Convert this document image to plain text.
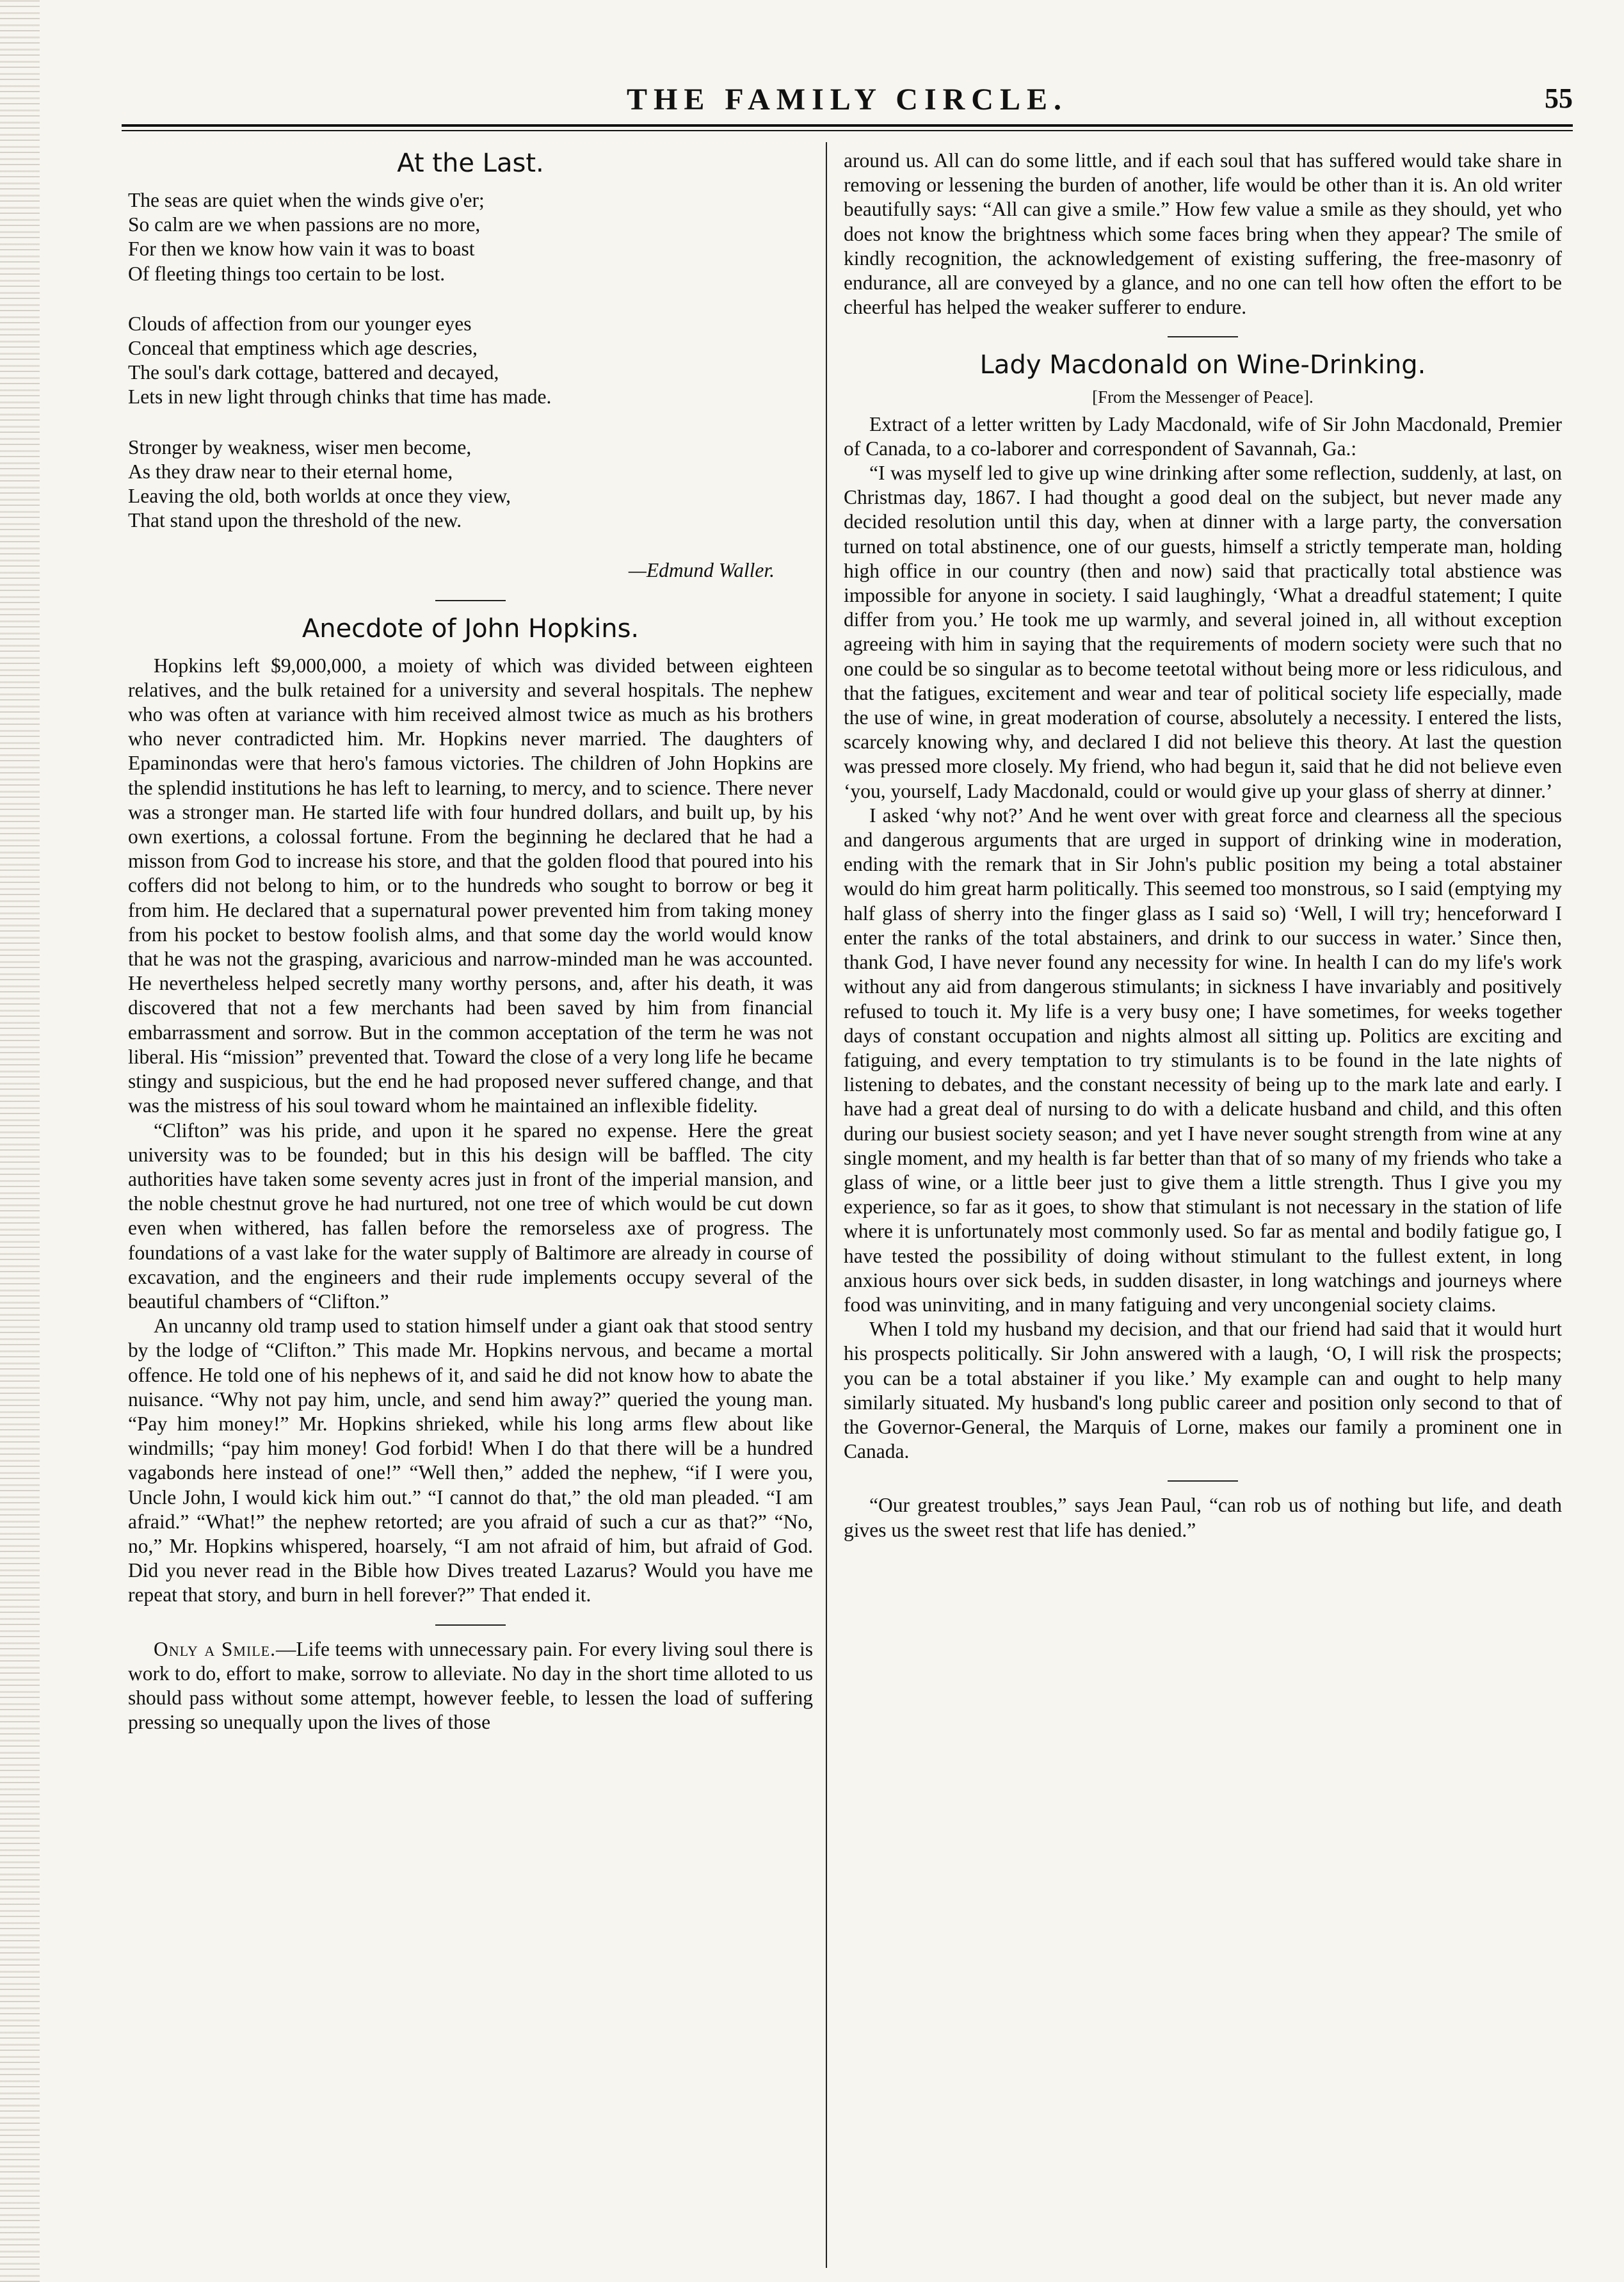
THE FAMILY CIRCLE.	55
At the Last.
The seas are quiet when the winds give o'er;
So calm are we when passions are no more,
For then we know how vain it was to boast
Of fleeting things too certain to be lost.
Clouds of affection from our younger eyes
Conceal that emptiness which age descries,
The soul's dark cottage, battered and decayed,
Lets in new light through chinks that time has made.
Stronger by weakness, wiser men become,
As they draw near to their eternal home,
Leaving the old, both worlds at once they view,
That stand upon the threshold of the new.
—Edmund Waller.
Anecdote of John Hopkins.

Hopkins left $9,000,000, a moiety of which was divided between eighteen relatives, and the bulk retained for a university and several hospitals. The nephew who was often at variance with him received almost twice as much as his brothers who never contradicted him. Mr. Hopkins never married. The daughters of Epaminondas were that hero's famous victories. The children of John Hopkins are the splendid institutions he has left to learning, to mercy, and to science. There never was a stronger man. He started life with four hundred dollars, and built up, by his own exertions, a colossal fortune. From the beginning he declared that he had a misson from God to increase his store, and that the golden flood that poured into his coffers did not belong to him, or to the hundreds who sought to borrow or beg it from him. He declared that a supernatural power prevented him from taking money from his pocket to bestow foolish alms, and that some day the world would know that he was not the grasping, avaricious and narrow-minded man he was accounted. He nevertheless helped secretly many worthy persons, and, after his death, it was discovered that not a few merchants had been saved by him from financial embarrassment and sorrow. But in the common acceptation of the term he was not liberal. His “mission” prevented that. Toward the close of a very long life he became stingy and suspicious, but the end he had proposed never suffered change, and that was the mistress of his soul toward whom he maintained an inflexible fidelity.

“Clifton” was his pride, and upon it he spared no expense. Here the great university was to be founded; but in this his design will be baffled. The city authorities have taken some seventy acres just in front of the imperial mansion, and the noble chestnut grove he had nurtured, not one tree of which would be cut down even when withered, has fallen before the remorseless axe of progress. The foundations of a vast lake for the water supply of Baltimore are already in course of excavation, and the engineers and their rude implements occupy several of the beautiful chambers of “Clifton.”

An uncanny old tramp used to station himself under a giant oak that stood sentry by the lodge of “Clifton.” This made Mr. Hopkins nervous, and became a mortal offence. He told one of his nephews of it, and said he did not know how to abate the nuisance. “Why not pay him, uncle, and send him away?” queried the young man. “Pay him money!” Mr. Hopkins shrieked, while his long arms flew about like windmills; “pay him money! God forbid! When I do that there will be a hundred vagabonds here instead of one!” “Well then,” added the nephew, “if I were you, Uncle John, I would kick him out.” “I cannot do that,” the old man pleaded. “I am afraid.” “What!” the nephew retorted; are you afraid of such a cur as that?” “No, no,” Mr. Hopkins whispered, hoarsely, “I am not afraid of him, but afraid of God. Did you never read in the Bible how Dives treated Lazarus? Would you have me repeat that story, and burn in hell forever?” That ended it.

Only a Smile.—Life teems with unnecessary pain. For every living soul there is work to do, effort to make, sorrow to alleviate. No day in the short time alloted to us should pass without some attempt, however feeble, to lessen the load of suffering pressing so unequally upon the lives of those

around us. All can do some little, and if each soul that has suffered would take share in removing or lessening the burden of another, life would be other than it is. An old writer beautifully says: “All can give a smile.” How few value a smile as they should, yet who does not know the brightness which some faces bring when they appear? The smile of kindly recognition, the acknowledgement of existing suffering, the free-masonry of endurance, all are conveyed by a glance, and no one can tell how often the effort to be cheerful has helped the weaker sufferer to endure.

Lady Macdonald on Wine-Drinking.
[From the Messenger of Peace].

Extract of a letter written by Lady Macdonald, wife of Sir John Macdonald, Premier of Canada, to a co-laborer and correspondent of Savannah, Ga.:

“I was myself led to give up wine drinking after some reflection, suddenly, at last, on Christmas day, 1867. I had thought a good deal on the subject, but never made any decided resolution until this day, when at dinner with a large party, the conversation turned on total abstinence, one of our guests, himself a strictly temperate man, holding high office in our country (then and now) said that practically total abstience was impossible for anyone in society. I said laughingly, ‘What a dreadful statement; I quite differ from you.’ He took me up warmly, and several joined in, all without exception agreeing with him in saying that the requirements of modern society were such that no one could be so singular as to become teetotal without being more or less ridiculous, and that the fatigues, excitement and wear and tear of political society life especially, made the use of wine, in great moderation of course, absolutely a necessity. I entered the lists, scarcely knowing why, and declared I did not believe this theory. At last the question was pressed more closely. My friend, who had begun it, said that he did not believe even ‘you, yourself, Lady Macdonald, could or would give up your glass of sherry at dinner.’

I asked ‘why not?’ And he went over with great force and clearness all the specious and dangerous arguments that are urged in support of drinking wine in moderation, ending with the remark that in Sir John's public position my being a total abstainer would do him great harm politically. This seemed too monstrous, so I said (emptying my half glass of sherry into the finger glass as I said so) ‘Well, I will try; henceforward I enter the ranks of the total abstainers, and drink to our success in water.’ Since then, thank God, I have never found any necessity for wine. In health I can do my life's work without any aid from dangerous stimulants; in sickness I have invariably and positively refused to touch it. My life is a very busy one; I have sometimes, for weeks together days of constant occupation and nights almost all sitting up. Politics are exciting and fatiguing, and every temptation to try stimulants is to be found in the late nights of listening to debates, and the constant necessity of being up to the mark late and early. I have had a great deal of nursing to do with a delicate husband and child, and this often during our busiest society season; and yet I have never sought strength from wine at any single moment, and my health is far better than that of so many of my friends who take a glass of wine, or a little beer just to give them a little strength. Thus I give you my experience, so far as it goes, to show that stimulant is not necessary in the station of life where it is unfortunately most commonly used. So far as mental and bodily fatigue go, I have tested the possibility of doing without stimulant to the fullest extent, in long anxious hours over sick beds, in sudden disaster, in long watchings and journeys where food was uninviting, and in many fatiguing and very uncongenial society claims.

When I told my husband my decision, and that our friend had said that it would hurt his prospects politically. Sir John answered with a laugh, ‘O, I will risk the prospects; you can be a total abstainer if you like.’ My example can and ought to help many similarly situated. My husband's long public career and position only second to that of the Governor-General, the Marquis of Lorne, makes our family a prominent one in Canada.

“Our greatest troubles,” says Jean Paul, “can rob us of nothing but life, and death gives us the sweet rest that life has denied.”
